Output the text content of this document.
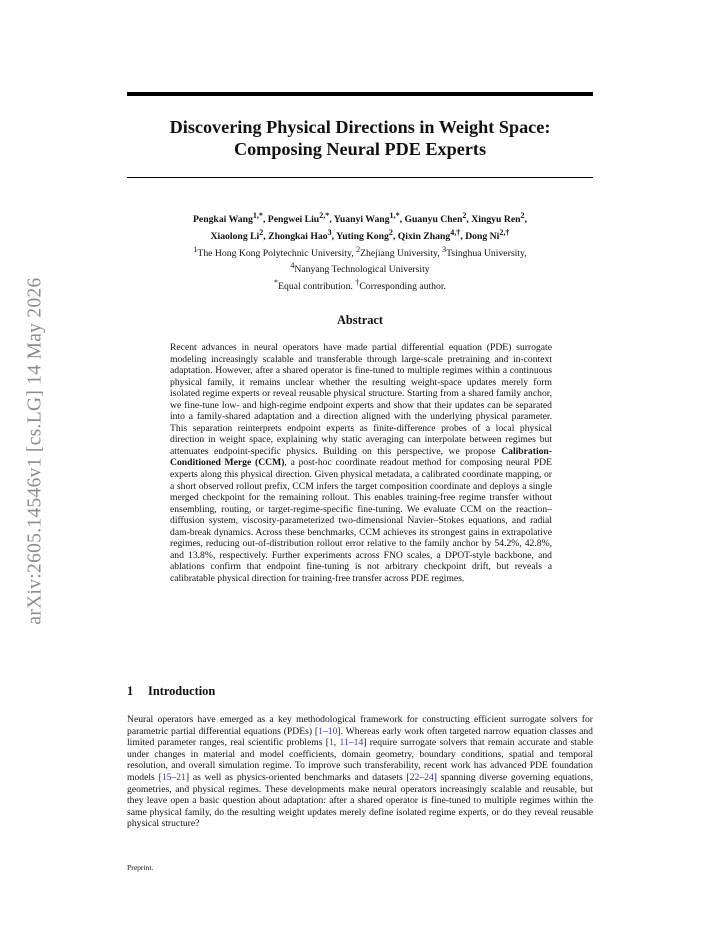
arXiv:2605.14546v1 [cs.LG] 14 May 2026
Discovering Physical Directions in Weight Space:
Composing Neural PDE Experts
Pengkai Wang$^{1,*}$, Pengwei Liu$^{2,*}$, Yuanyi Wang$^{1,*}$, Guanyu Chen$^2$, Xingyu Ren$^2$,
Xiaolong Li$^2$, Zhongkai Hao$^3$, Yuting Kong$^2$, Qixin Zhang$^{4,\dagger}$, Dong $Ni^{2,\dagger}$
$^1$The Hong Kong Polytechnic University, $^2$Zhejiang University, $^3$Tsinghua University,
$^4$Nanyang Technological University
*Equal contribution. †Corresponding author.
Abstract
Recent advances in neural operators have made partial differential equation (PDE) surrogate modeling increasingly scalable and transferable through large-scale pretraining and in-context adaptation. However, after a shared operator is fine-tuned to multiple regimes within a continuous physical family, it remains unclear whether the resulting weight-space updates merely form isolated regime experts or reveal reusable physical structure. Starting from a shared family anchor, we fine-tune low- and high-regime endpoint experts and show that their updates can be separated into a family-shared adaptation and a direction aligned with the underlying physical parameter. This separation reinterprets endpoint experts as finite-difference probes of a local physical direction in weight space, explaining why static averaging can interpolate between regimes but attenuates endpoint-specific physics. Building on this perspective, we propose Calibration-Conditioned Merge (CCM), a post-hoc coordinate readout method for composing neural PDE experts along this physical direction. Given physical metadata, a calibrated coordinate mapping, or a short observed rollout prefix, CCM infers the target composition coordinate and deploys a single merged checkpoint for the remaining rollout. This enables training-free regime transfer without ensembling, routing, or target-regime-specific fine-tuning. We evaluate CCM on the reaction–diffusion system, viscosity-parameterized two-dimensional Navier–Stokes equations, and radial dam-break dynamics. Across these benchmarks, CCM achieves its strongest gains in extrapolative regimes, reducing out-of-distribution rollout error relative to the family anchor by 54.2%, 42.8%, and 13.8%, respectively. Further experiments across FNO scales, a DPOT-style backbone, and ablations confirm that endpoint fine-tuning is not arbitrary checkpoint drift, but reveals a calibratable physical direction for training-free transfer across PDE regimes.
1 Introduction
Neural operators have emerged as a key methodological framework for constructing efficient surrogate solvers for parametric partial differential equations (PDEs) [1–10]. Whereas early work often targeted narrow equation classes and limited parameter ranges, real scientific problems [1, 11–14] require surrogate solvers that remain accurate and stable under changes in material and model coefficients, domain geometry, boundary conditions, spatial and temporal resolution, and overall simulation regime. To improve such transferability, recent work has advanced PDE foundation models [15–21] as well as physics-oriented benchmarks and datasets [22–24] spanning diverse governing equations, geometries, and physical regimes. These developments make neural operators increasingly scalable and reusable, but they leave open a basic question about adaptation: after a shared operator is fine-tuned to multiple regimes within the same physical family, do the resulting weight updates merely define isolated regime experts, or do they reveal reusable physical structure?
Preprint.
